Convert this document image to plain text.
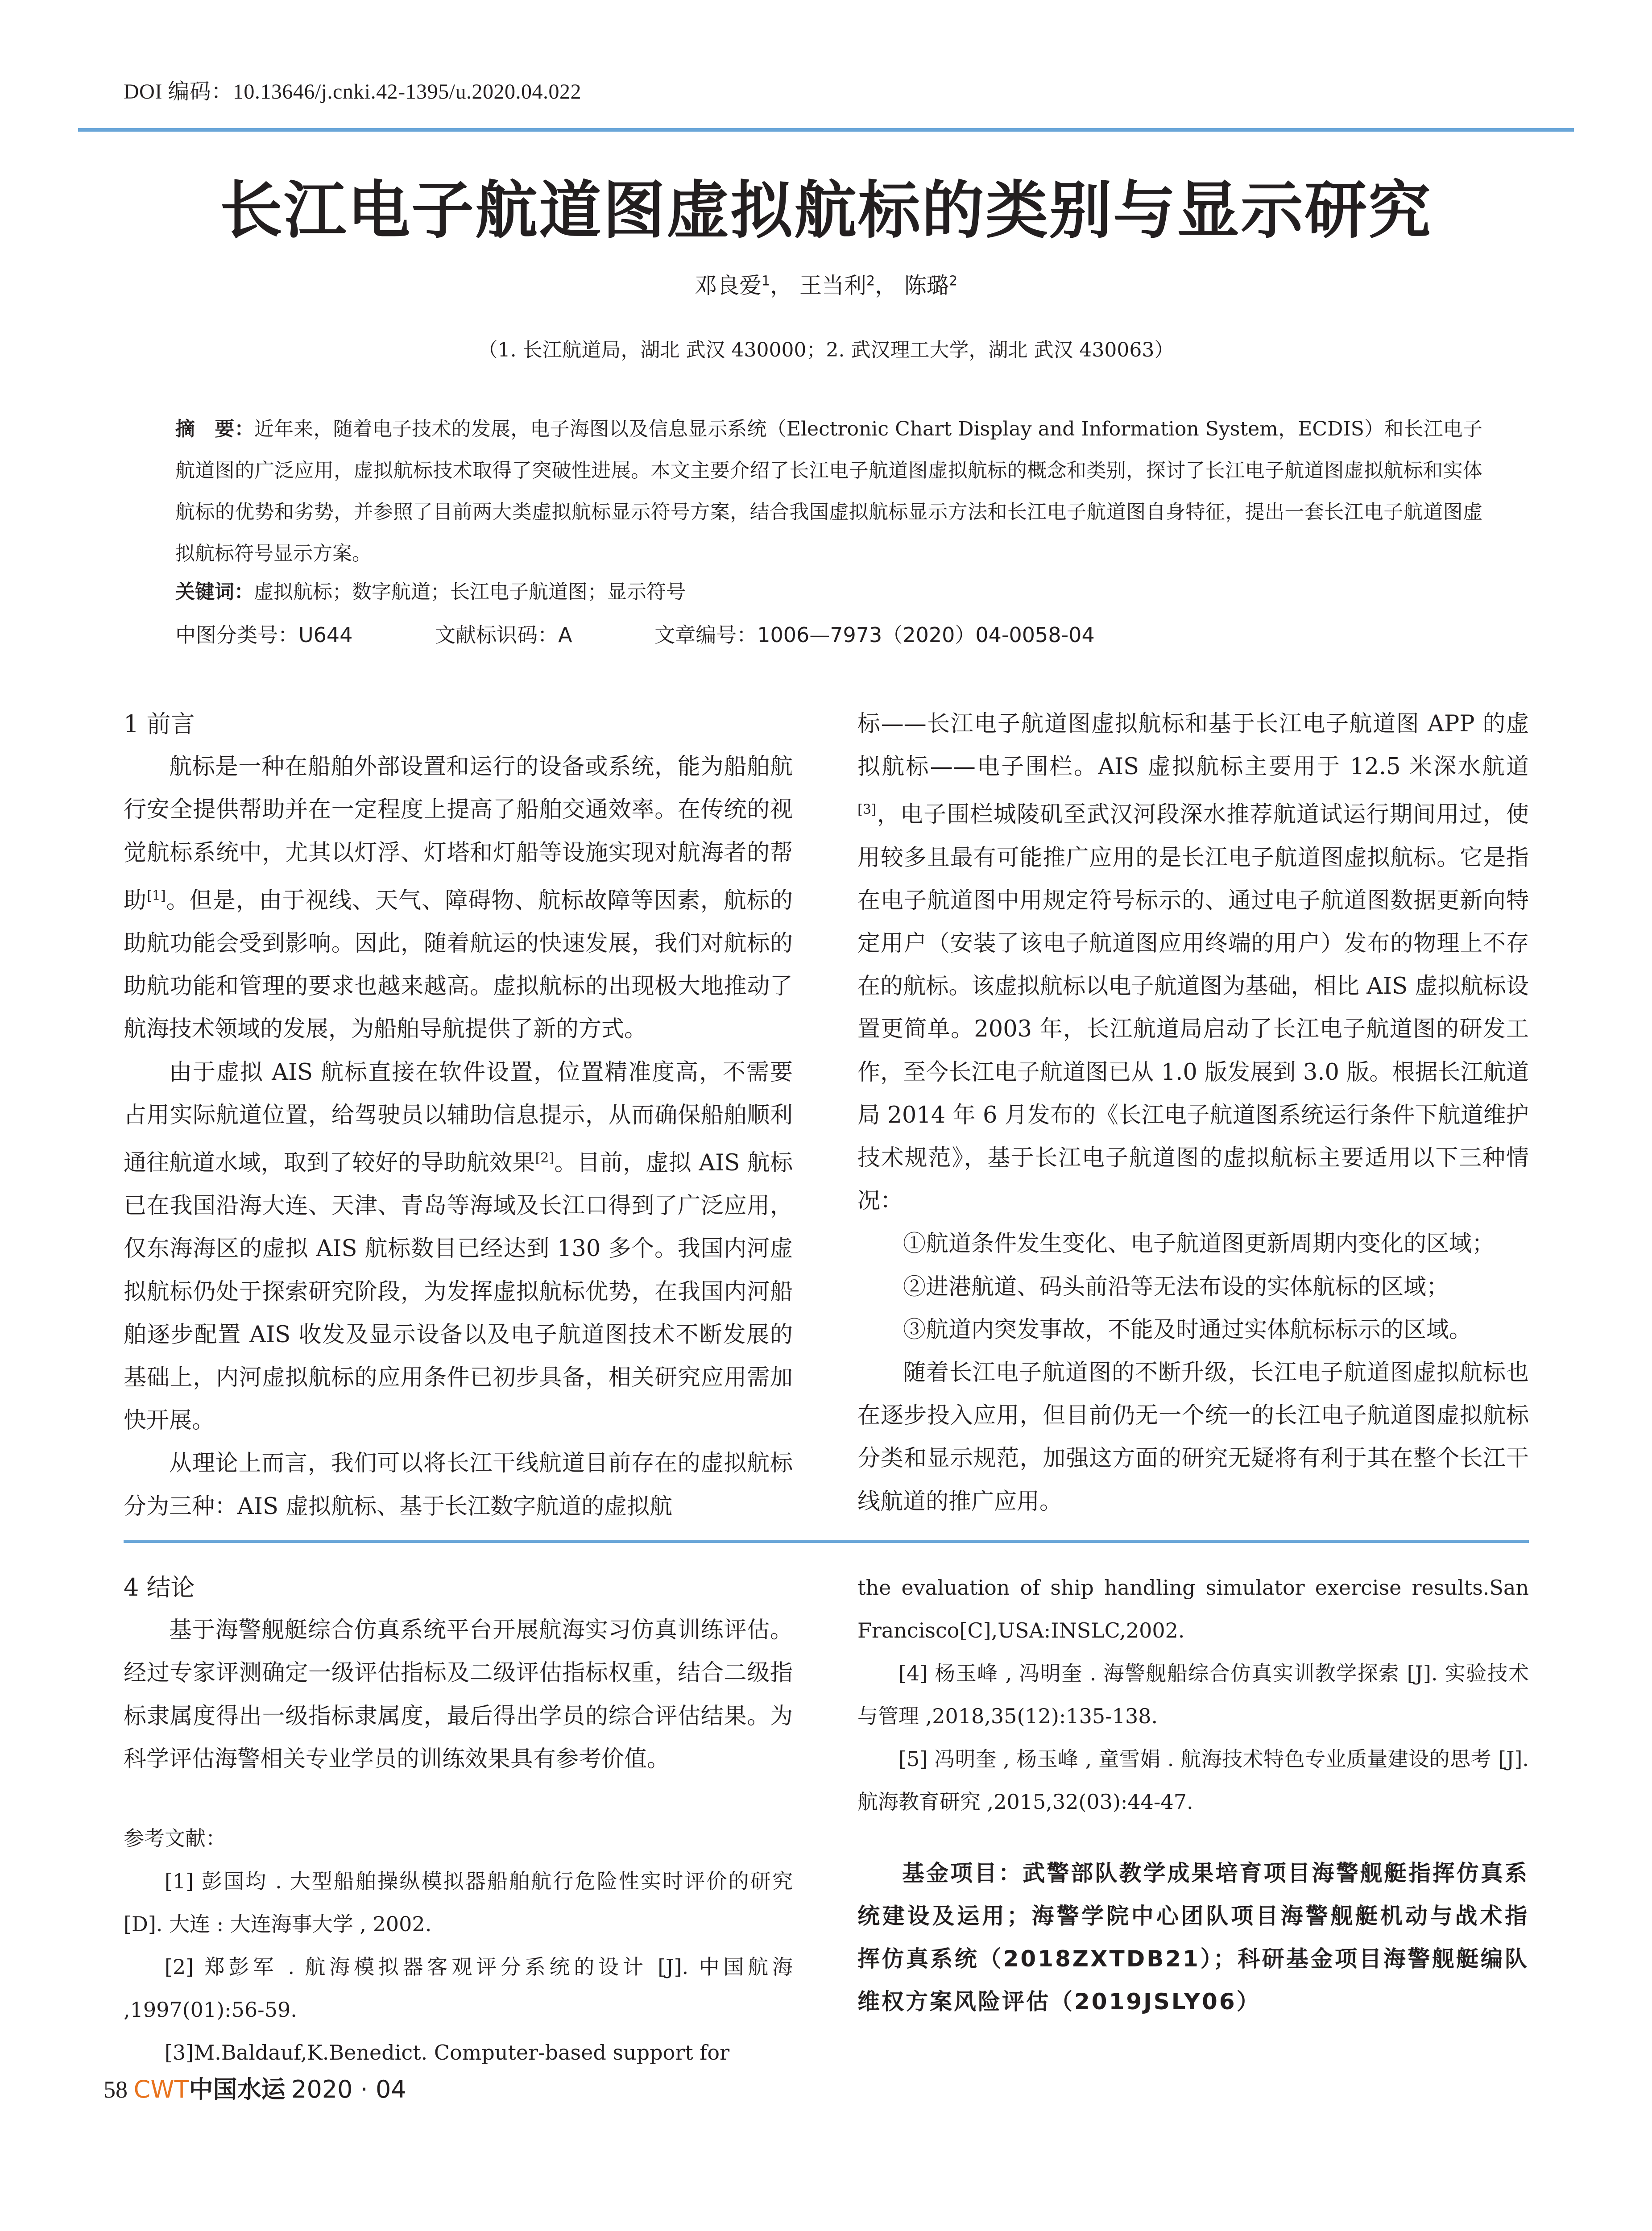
DOI 编码：10.13646/j.cnki.42-1395/u.2020.04.022
长江电子航道图虚拟航标的类别与显示研究
邓良爱$^1$， 王当利$^2$， 陈璐$^2$
（1. 长江航道局，湖北 武汉 430000；2. 武汉理工大学，湖北 武汉 430063）
摘　要：近年来，随着电子技术的发展，电子海图以及信息显示系统（Electronic Chart Display and Information System，ECDIS）和长江电子航道图的广泛应用，虚拟航标技术取得了突破性进展。本文主要介绍了长江电子航道图虚拟航标的概念和类别，探讨了长江电子航道图虚拟航标和实体航标的优势和劣势，并参照了目前两大类虚拟航标显示符号方案，结合我国虚拟航标显示方法和长江电子航道图自身特征，提出一套长江电子航道图虚拟航标符号显示方案。
关键词：虚拟航标；数字航道；长江电子航道图；显示符号
中图分类号：U644	文献标识码：A	文章编号：1006—7973（2020）04-0058-04

1 前言

航标是一种在船舶外部设置和运行的设备或系统，能为船舶航行安全提供帮助并在一定程度上提高了船舶交通效率。在传统的视觉航标系统中，尤其以灯浮、灯塔和灯船等设施实现对航海者的帮助[1]。但是，由于视线、天气、障碍物、航标故障等因素，航标的助航功能会受到影响。因此，随着航运的快速发展，我们对航标的助航功能和管理的要求也越来越高。虚拟航标的出现极大地推动了航海技术领域的发展，为船舶导航提供了新的方式。

由于虚拟 AIS 航标直接在软件设置，位置精准度高，不需要占用实际航道位置，给驾驶员以辅助信息提示，从而确保船舶顺利通往航道水域，取到了较好的导助航效果[2]。目前，虚拟 AIS 航标已在我国沿海大连、天津、青岛等海域及长江口得到了广泛应用，仅东海海区的虚拟 AIS 航标数目已经达到 130 多个。我国内河虚拟航标仍处于探索研究阶段，为发挥虚拟航标优势，在我国内河船舶逐步配置 AIS 收发及显示设备以及电子航道图技术不断发展的基础上，内河虚拟航标的应用条件已初步具备，相关研究应用需加快开展。

从理论上而言，我们可以将长江干线航道目前存在的虚拟航标分为三种：AIS 虚拟航标、基于长江数字航道的虚拟航

标——长江电子航道图虚拟航标和基于长江电子航道图 APP 的虚拟航标——电子围栏。AIS 虚拟航标主要用于 12.5 米深水航道[3]，电子围栏城陵矶至武汉河段深水推荐航道试运行期间用过，使用较多且最有可能推广应用的是长江电子航道图虚拟航标。它是指在电子航道图中用规定符号标示的、通过电子航道图数据更新向特定用户（安装了该电子航道图应用终端的用户）发布的物理上不存在的航标。该虚拟航标以电子航道图为基础，相比 AIS 虚拟航标设置更简单。2003 年，长江航道局启动了长江电子航道图的研发工作，至今长江电子航道图已从 1.0 版发展到 3.0 版。根据长江航道局 2014 年 6 月发布的《长江电子航道图系统运行条件下航道维护技术规范》，基于长江电子航道图的虚拟航标主要适用以下三种情况：

①航道条件发生变化、电子航道图更新周期内变化的区域；

②进港航道、码头前沿等无法布设的实体航标的区域；

③航道内突发事故，不能及时通过实体航标标示的区域。

随着长江电子航道图的不断升级，长江电子航道图虚拟航标也在逐步投入应用，但目前仍无一个统一的长江电子航道图虚拟航标分类和显示规范，加强这方面的研究无疑将有利于其在整个长江干线航道的推广应用。

4 结论

基于海警舰艇综合仿真系统平台开展航海实习仿真训练评估。经过专家评测确定一级评估指标及二级评估指标权重，结合二级指标隶属度得出一级指标隶属度，最后得出学员的综合评估结果。为科学评估海警相关专业学员的训练效果具有参考价值。

参考文献：

[1] 彭国均 . 大型船舶操纵模拟器船舶航行危险性实时评价的研究 [D]. 大连 : 大连海事大学 , 2002.

[2] 郑彭军 . 航海模拟器客观评分系统的设计 [J]. 中国航海 ,1997(01):56-59.

[3]M.Baldauf,K.Benedict. Computer-based support for

the evaluation of ship handling simulator exercise results.San Francisco[C],USA:INSLC,2002.

[4] 杨玉峰 , 冯明奎 . 海警舰船综合仿真实训教学探索 [J]. 实验技术与管理 ,2018,35(12):135-138.

[5] 冯明奎 , 杨玉峰 , 童雪娟 . 航海技术特色专业质量建设的思考 [J]. 航海教育研究 ,2015,32(03):44-47.

基金项目：武警部队教学成果培育项目海警舰艇指挥仿真系统建设及运用；海警学院中心团队项目海警舰艇机动与战术指挥仿真系统（2018ZXTDB21）；科研基金项目海警舰艇编队维权方案风险评估（2019JSLY06）
58 CWT中国水运 2020 · 04
